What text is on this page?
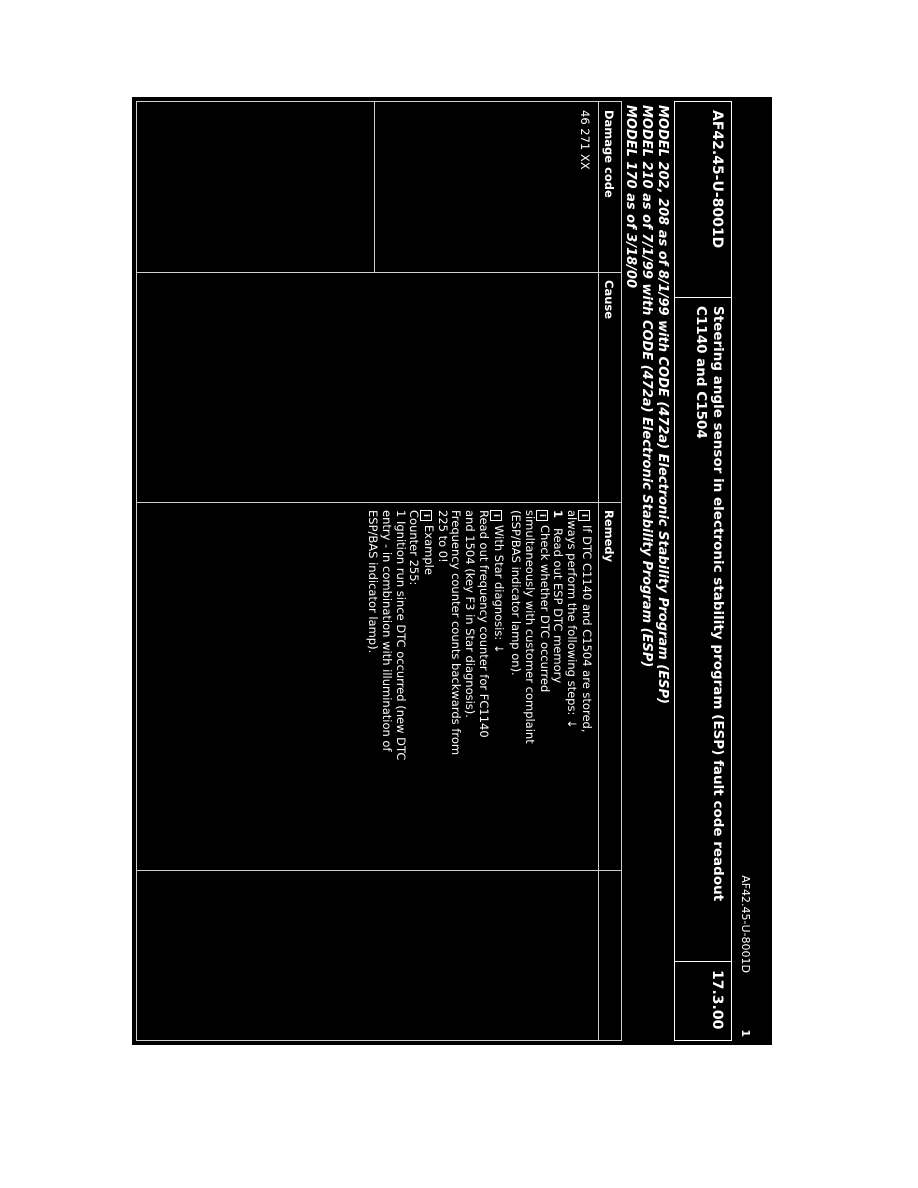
AF42.45-U-8001D
1
AF42.45-U-8001D
Steering angle sensor in electronic stability program (ESP) fault code readout
C1140 and C1504
17.3.00
MODEL 202, 208 as of 8/1/99 with CODE (472a) Electronic Stability Program (ESP)
MODEL 210 as of 7/1/99 with CODE (472a) Electronic Stability Program (ESP)
MODEL 170 as of 3/18/00
Damage code
Cause
Remedy
46 271 XX
iIf DTC C1140 and C1504 are stored,
always perform the following steps: ↓
1Read out ESP DTC memory
iCheck whether DTC occurred
simultaneously with customer complaint
(ESP/BAS indicator lamp on).
iWith Star diagnosis: ↓
Read out frequency counter for FC1140
and 1504 (key F3 in Star diagnosis).
Frequency counter counts backwards from
225 to 0!
iExample
Counter 255:
1 Ignition run since DTC occurred (new DTC
entry - in combination with illumination of
ESP/BAS indicator lamp).
